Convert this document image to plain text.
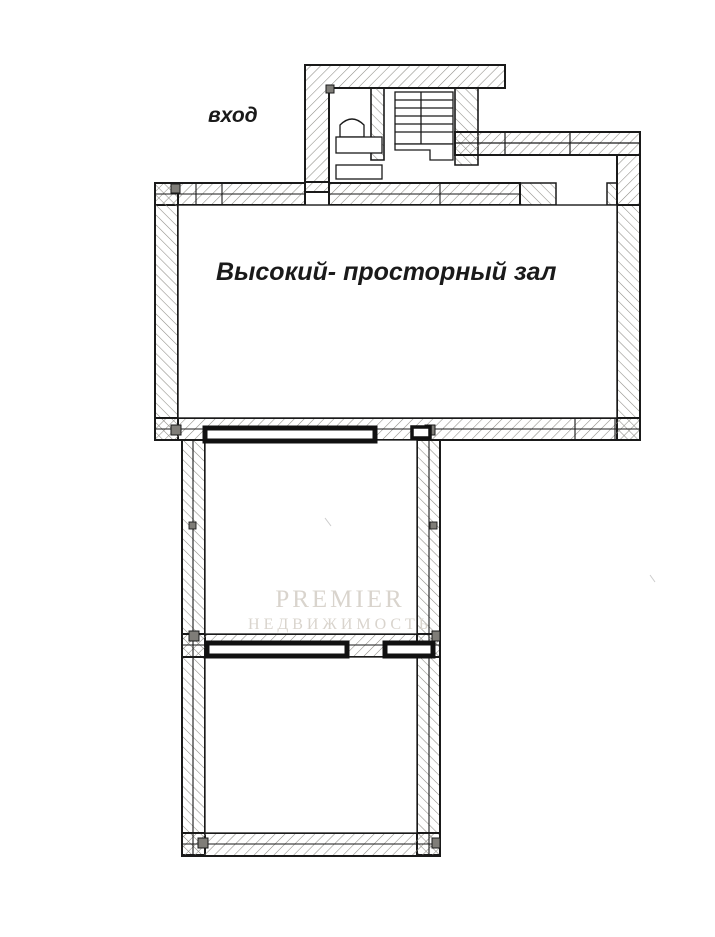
вход
Высокий- просторный зал
PREMIER
НЕДВИЖИМОСТЬ
